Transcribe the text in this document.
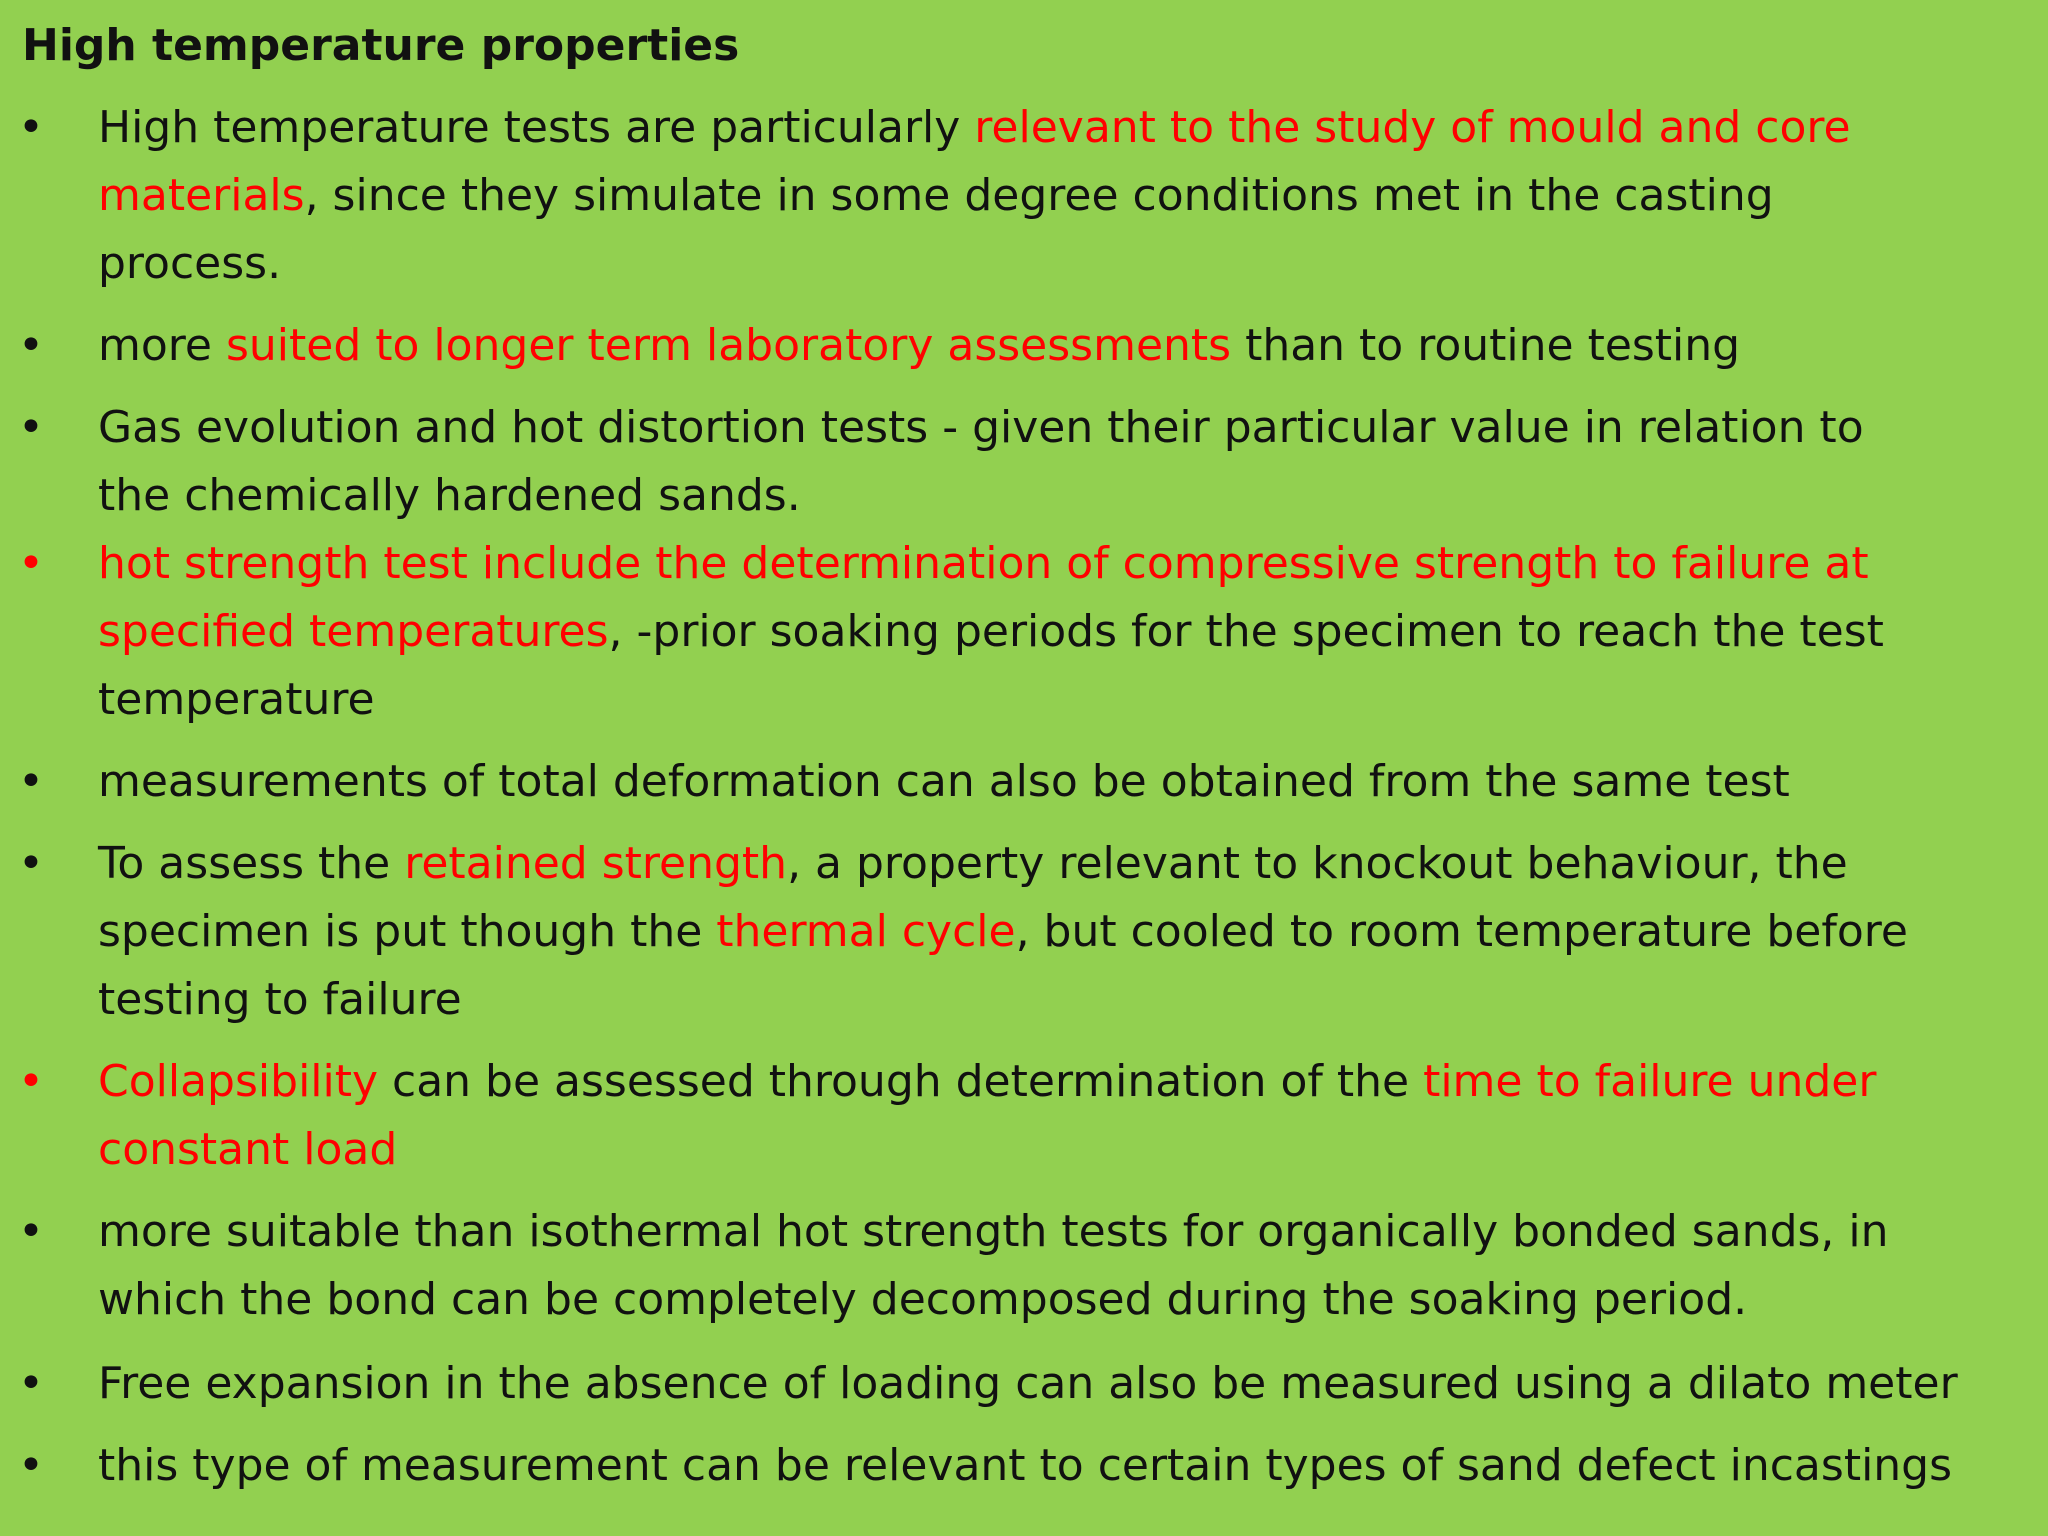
High temperature properties
• High temperature tests are particularly relevant to the study of mould and core
materials, since they simulate in some degree conditions met in the casting
process.
• more suited to longer term laboratory assessments than to routine testing
• Gas evolution and hot distortion tests - given their particular value in relation to
the chemically hardened sands.
• hot strength test include the determination of compressive strength to failure at
specified temperatures, -prior soaking periods for the specimen to reach the test
temperature
• measurements of total deformation can also be obtained from the same test
• To assess the retained strength, a property relevant to knockout behaviour, the
specimen is put though the thermal cycle, but cooled to room temperature before
testing to failure
• Collapsibility can be assessed through determination of the time to failure under
constant load
• more suitable than isothermal hot strength tests for organically bonded sands, in
which the bond can be completely decomposed during the soaking period.
• Free expansion in the absence of loading can also be measured using a dilato meter
• this type of measurement can be relevant to certain types of sand defect incastings
